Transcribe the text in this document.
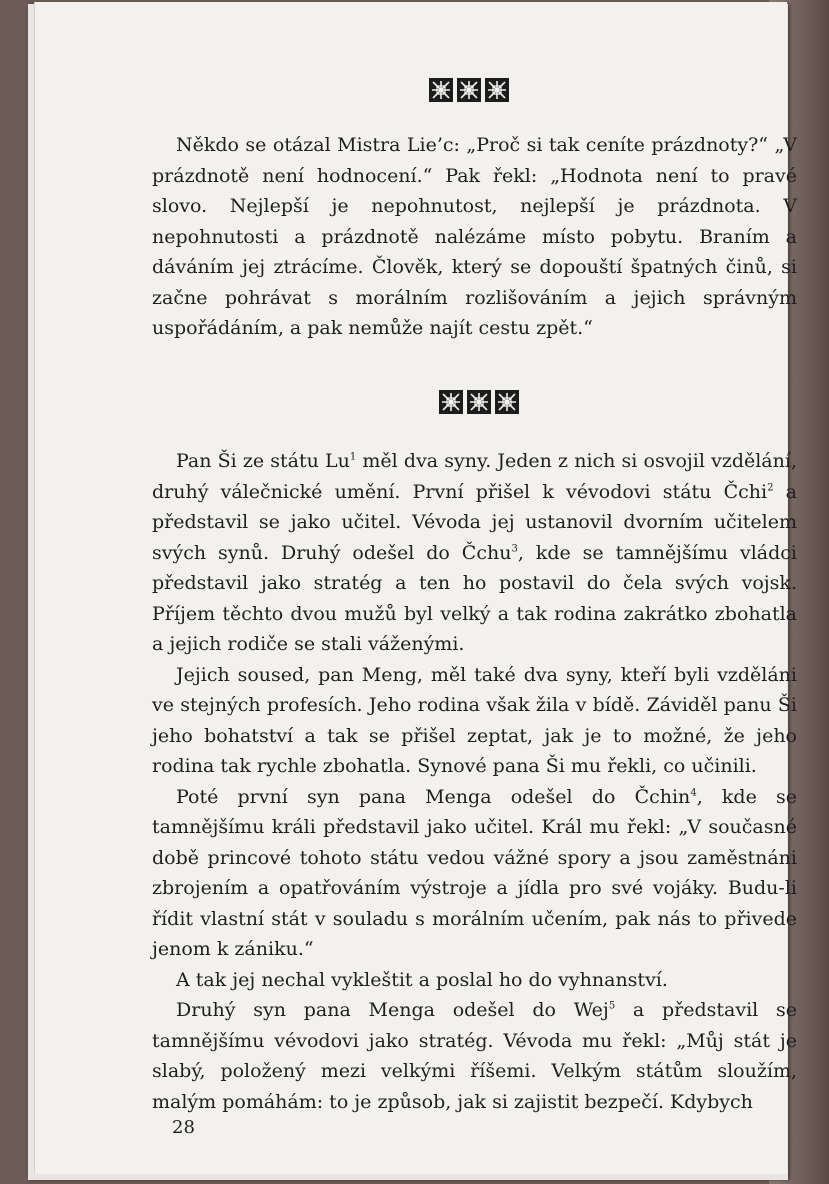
Někdo se otázal Mistra Lie’c: „Proč si tak ceníte prázdnoty?“ „V prázdnotě není hodnocení.“ Pak řekl: „Hodnota není to pravé slovo. Nejlepší je nepohnutost, nejlepší je prázdnota. V nepohnutosti a prázdnotě nalézáme místo pobytu. Braním a dáváním jej ztrácíme. Člověk, který se dopouští špatných činů, si začne pohrávat s morálním rozlišováním a jejich správným uspořádáním, a pak nemůže najít cestu zpět.“

Pan Ši ze státu Lu$^1$ měl dva syny. Jeden z nich si osvojil vzdělání, druhý válečnické umění. První přišel k vévodovi státu Čchi$^2$ a představil se jako učitel. Vévoda jej ustanovil dvorním učitelem svých synů. Druhý odešel do Čchu$^3$, kde se tamnějšímu vládci představil jako stratég a ten ho postavil do čela svých vojsk. Příjem těchto dvou mužů byl velký a tak rodina zakrátko zbohatla a jejich rodiče se stali váženými.

Jejich soused, pan Meng, měl také dva syny, kteří byli vzděláni ve stejných profesích. Jeho rodina však žila v bídě. Záviděl panu Ši jeho bohatství a tak se přišel zeptat, jak je to možné, že jeho rodina tak rychle zbohatla. Synové pana Ši mu řekli, co učinili.

Poté první syn pana Menga odešel do Čchin$^4$, kde se tamnějšímu králi představil jako učitel. Král mu řekl: „V současné době princové tohoto státu vedou vážné spory a jsou zaměstnáni zbrojením a opatřováním výstroje a jídla pro své vojáky. Budu-li řídit vlastní stát v souladu s morálním učením, pak nás to přivede jenom k zániku.“

A tak jej nechal vykleštit a poslal ho do vyhnanství.

Druhý syn pana Menga odešel do Wej$^5$ a představil se tamnějšímu vévodovi jako stratég. Vévoda mu řekl: „Můj stát je slabý, položený mezi velkými říšemi. Velkým státům sloužím, malým pomáhám: to je způsob, jak si zajistit bezpečí. Kdybych

28
